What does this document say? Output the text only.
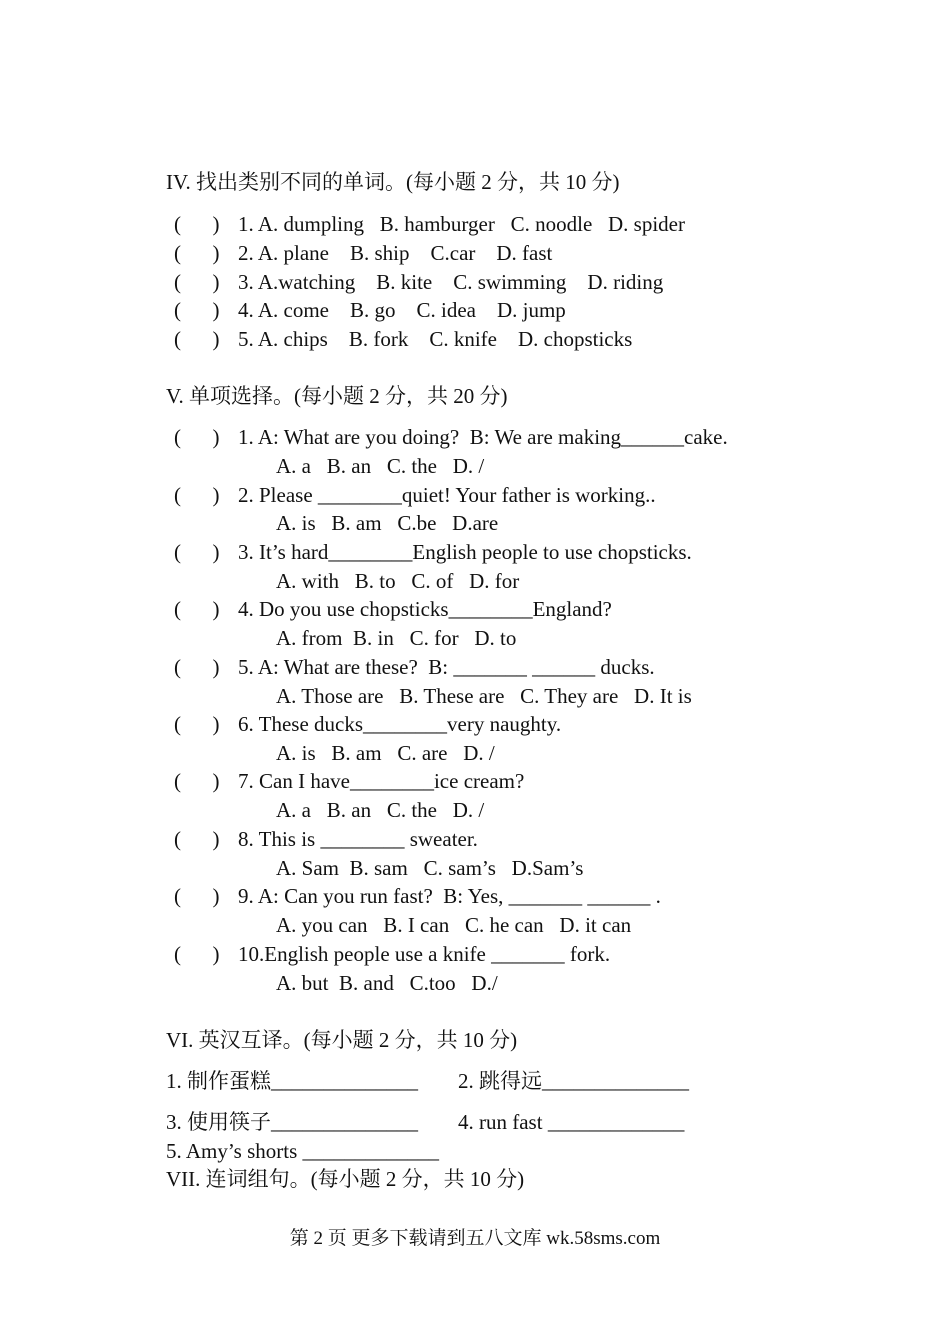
IV. 找出类别不同的单词。(每小题 2 分，共 10 分)
(      ) 1. A. dumpling   B. hamburger   C. noodle   D. spider
(      ) 2. A. plane    B. ship    C.car    D. fast
(      ) 3. A.watching    B. kite    C. swimming    D. riding
(      ) 4. A. come    B. go    C. idea    D. jump
(      ) 5. A. chips    B. fork    C. knife    D. chopsticks
V. 单项选择。(每小题 2 分，共 20 分)
(      ) 1. A: What are you doing?  B: We are making______cake.
A. a   B. an   C. the   D. /
(      ) 2. Please ________quiet! Your father is working..
A. is   B. am   C.be   D.are
(      ) 3. It’s hard________English people to use chopsticks.
A. with   B. to   C. of   D. for
(      ) 4. Do you use chopsticks________England?
A. from  B. in   C. for   D. to
(      ) 5. A: What are these?  B: _______ ______ ducks.
A. Those are   B. These are   C. They are   D. It is
(      ) 6. These ducks________very naughty.
A. is   B. am   C. are   D. /
(      ) 7. Can I have________ice cream?
A. a   B. an   C. the   D. /
(      ) 8. This is ________ sweater.
A. Sam  B. sam   C. sam’s   D.Sam’s
(      ) 9. A: Can you run fast?  B: Yes, _______ ______ .
A. you can   B. I can   C. he can   D. it can
(      ) 10.English people use a knife _______ fork.
A. but  B. and   C.too   D./
VI. 英汉互译。(每小题 2 分，共 10 分)
1. 制作蛋糕______________ 2. 跳得远______________
3. 使用筷子______________ 4. run fast _____________
5. Amy’s shorts _____________
VII. 连词组句。(每小题 2 分，共 10 分)
第 2 页 更多下载请到五八文库 wk.58sms.com
